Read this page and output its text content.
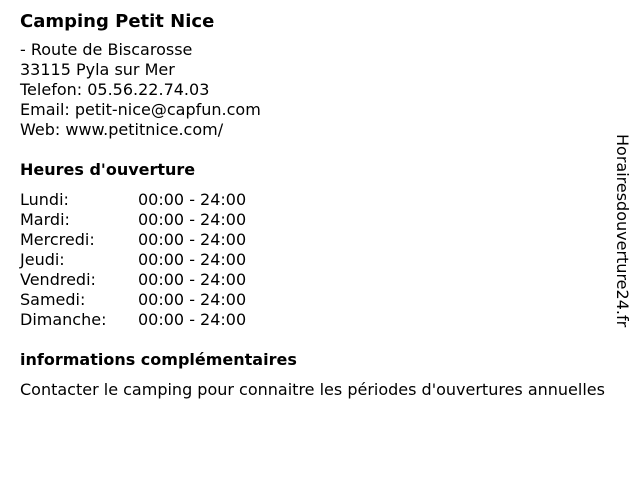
Camping Petit Nice
- Route de Biscarosse
33115 Pyla sur Mer
Telefon: 05.56.22.74.03
Email: petit-nice@capfun.com
Web: www.petitnice.com/
Heures d'ouverture
Lundi:	00:00 - 24:00
Mardi:	00:00 - 24:00
Mercredi:	00:00 - 24:00
Jeudi:	00:00 - 24:00
Vendredi:	00:00 - 24:00
Samedi:	00:00 - 24:00
Dimanche:	00:00 - 24:00
informations complémentaires
Contacter le camping pour connaitre les périodes d'ouvertures annuelles
Horairesdouverture24.fr
